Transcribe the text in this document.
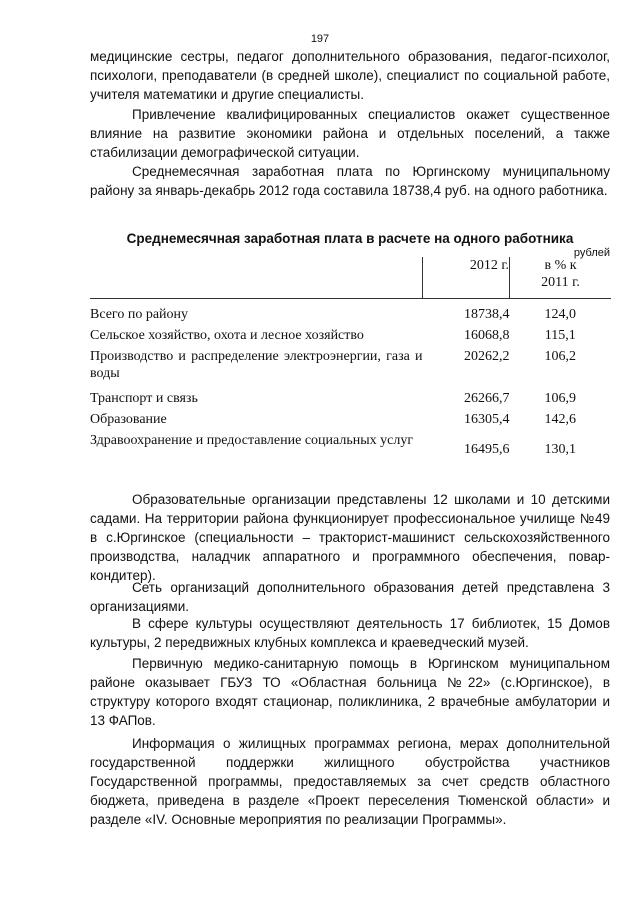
197
медицинские сестры, педагог дополнительного образования, педагог-психолог, психологи, преподаватели (в средней школе), специалист по социальной работе, учителя математики и другие специалисты.
Привлечение квалифицированных специалистов окажет существенное влияние на развитие экономики района и отдельных поселений, а также стабилизации демографической ситуации.
Среднемесячная заработная плата по Юргинскому муниципальному району за январь-декабрь 2012 года составила 18738,4 руб. на одного работника.
Среднемесячная заработная плата в расчете на одного работника
рублей
	2012 г.	в % к
2011 г.

Всего по району	18738,4	124,0
Сельское хозяйство, охота и лесное хозяйство	16068,8	115,1
Производство и распределение электроэнергии, газа и воды	20262,2	106,2
Транспорт и связь	26266,7	106,9
Образование	16305,4	142,6
Здравоохранение и предоставление социальных услуг	16495,6	130,1
Образовательные организации представлены 12 школами и 10 детскими садами. На территории района функционирует профессиональное училище №49 в с.Юргинское (специальности – тракторист-машинист сельскохозяйственного производства, наладчик аппаратного и программного обеспечения, повар-кондитер).
Сеть организаций дополнительного образования детей представлена 3 организациями.
В сфере культуры осуществляют деятельность 17 библиотек, 15 Домов культуры, 2 передвижных клубных комплекса и краеведческий музей.
Первичную медико-санитарную помощь в Юргинском муниципальном районе оказывает ГБУЗ ТО «Областная больница №22» (с.Юргинское), в структуру которого входят стационар, поликлиника, 2 врачебные амбулатории и 13 ФАПов.
Информация о жилищных программах региона, мерах дополнительной государственной поддержки жилищного обустройства участников Государственной программы, предоставляемых за счет средств областного бюджета, приведена в разделе «Проект переселения Тюменской области» и разделе «IV. Основные мероприятия по реализации Программы».
